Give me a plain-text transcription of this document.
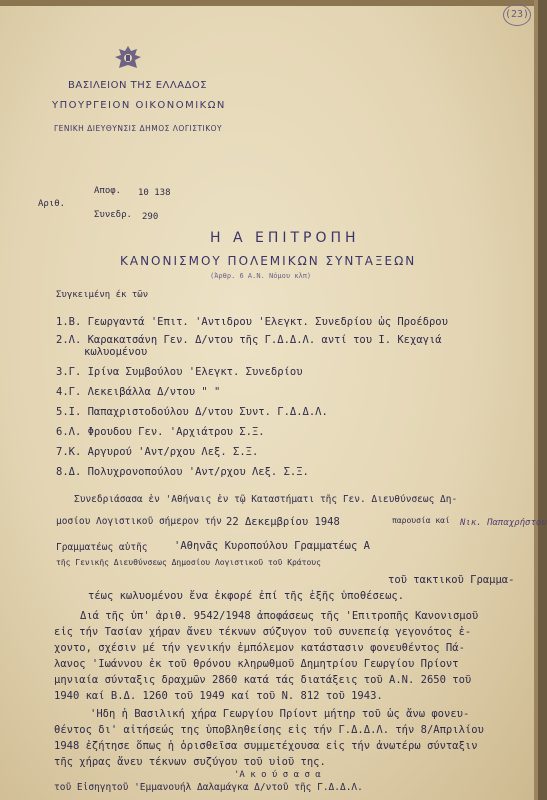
(23)
ΒΑΣΙΛΕΙΟΝ ΤΗΣ ΕΛΛΑΔΟΣ
ΥΠΟΥΡΓΕΙΟΝ ΟΙΚΟΝΟΜΙΚΩΝ
ΓΕΝΙΚΗ ΔΙΕΥΘΥΝΣΙΣ ΔΗΜΟΣ ΛΟΓΙΣΤΙΚΟΥ
Αριθ.
Αποφ. 10 138
Συνεδρ. 290
Η Α ΕΠΙΤΡΟΠΗ
ΚΑΝΟΝΙΣΜΟΥ ΠΟΛΕΜΙΚΩΝ ΣΥΝΤΑΞΕΩΝ
(Άρθρ. 6 Α.Ν. Νόμου κλπ)
Συγκειμένη έκ τῶν
1.Β. Γεωργαντά 'Επιτ. 'Αντιδρου 'Ελεγκτ. Συνεδρίου ὡς Προέδρου
2.Λ. Καρακατσάνη Γεν. Δ/ντου τῆς Γ.Δ.Δ.Λ. αντί του Ι. Κεχαγιά
κωλυομένου
3.Γ. Ιρίνα Συμβούλου 'Ελεγκτ. Συνεδρίου
4.Γ. Λεκειβάλλα Δ/ντου " "
5.Ι. Παπαχριστοδούλου Δ/ντου Συντ. Γ.Δ.Δ.Λ.
6.Λ. Φρουδου Γεν. 'Αρχιάτρου Σ.Ξ.
7.Κ. Αργυρού 'Αντ/ρχου Λεξ. Σ.Ξ.
8.Δ. Πολυχρονοπούλου 'Αντ/ρχου Λεξ. Σ.Ξ.
Συνεδριάσασα ἐν 'Αθήναις ἐν τῷ Καταστήματι τῆς Γεν. Διευθύνσεως Δη-
μοσίου Λογιστικοῦ σήμερον τήν 22 Δεκεμβρίου 1948	παρουσία καί Νικ. Παπαχρήστου
Γραμματέως αὐτῆς	'Αθηνᾶς Κυροπούλου Γραμματέως Α
τῆς Γενικῆς Διευθύνσεως Δημοσίου Λογιστικοῦ τοῦ Κράτους
τοῦ τακτικοῦ Γραμμα-
τέως κωλυομένου ἔνα ἐκφορέ ἐπί τῆς ἑξῆς ὑποθέσεως.
Διά τῆς ὑπ' ἀριθ. 9542/1948 ἀποφάσεως τῆς 'Επιτροπῆς Κανονισμοῦ
εἰς τήν Τασίαν χήραν ἄνευ τέκνων σύζυγον τοῦ συνεπείᾳ γεγονότος ἐ-
χοντο, σχέσιν μέ τήν γενικήν ἐμπόλεμον κατάστασιν φονευθέντος Πά-
λανος 'Ιωάννου ἐκ τοῦ θρόνου κληρωθμοῦ Δημητρίου Γεωργίου Πρίοντ
μηνιαία σύνταξις δραχμῶν 2860 κατά τάς διατάξεις τοῦ Α.Ν. 2650 τοῦ
1940 καί Β.Δ. 1260 τοῦ 1949 καί τοῦ Ν. 812 τοῦ 1943.
'Ηδη ἡ Βασιλική χήρα Γεωργίου Πρίοντ μήτηρ τοῦ ὡς ἄνω φονευ-
θέντος δι' αἰτήσεώς της ὑποβληθείσης εἰς τήν Γ.Δ.Δ.Λ. τήν 8/Απριλίου
1948 ἐζήτησε ὅπως ἡ ὁρισθεῖσα συμμετέχουσα εἰς τήν ἀνωτέρω σύνταξιν
τῆς χήρας ἄνευ τέκνων συζύγου τοῦ υἱοῦ της.
'Α κ ο ύ σ α σ α
τοῦ Εἰσηγητοῦ 'Εμμανουήλ Δαλαμάγκα Δ/ντοῦ τῆς Γ.Δ.Δ.Λ.
